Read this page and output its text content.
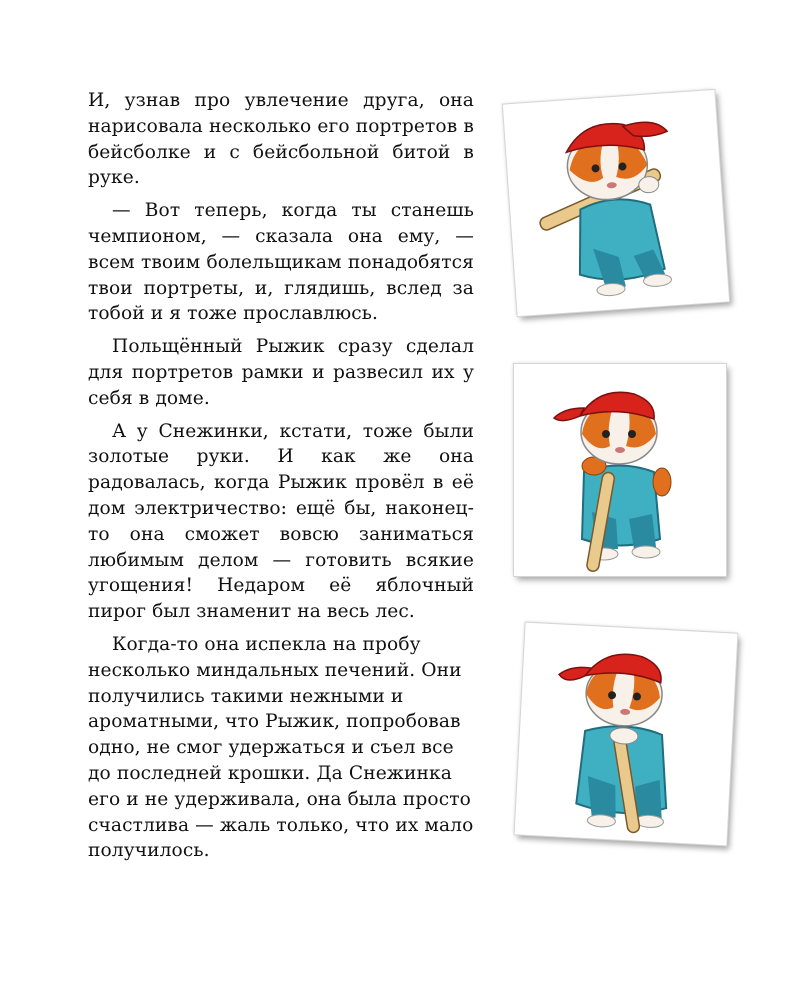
И, узнав про увлечение друга, она нарисовала несколько его портретов в бейсболке и с бейсбольной битой в руке.

— Вот теперь, когда ты станешь чемпионом, — сказала она ему, — всем твоим болельщикам понадобятся твои портреты, и, глядишь, вслед за тобой и я тоже прославлюсь.

Польщённый Рыжик сразу сделал для портретов рамки и развесил их у себя в доме.

А у Снежинки, кстати, тоже были золотые руки. И как же она радовалась, когда Рыжик провёл в её дом электричество: ещё бы, наконец-то она сможет вовсю заниматься любимым делом — готовить всякие угощения! Недаром её яблочный пирог был знаменит на весь лес.

Когда-то она испекла на пробу несколько миндальных печений. Они получились такими нежными и ароматными, что Рыжик, попробовав одно, не смог удержаться и съел все до последней крошки. Да Снежинка его и не удерживала, она была просто счастлива — жаль только, что их мало получилось.
